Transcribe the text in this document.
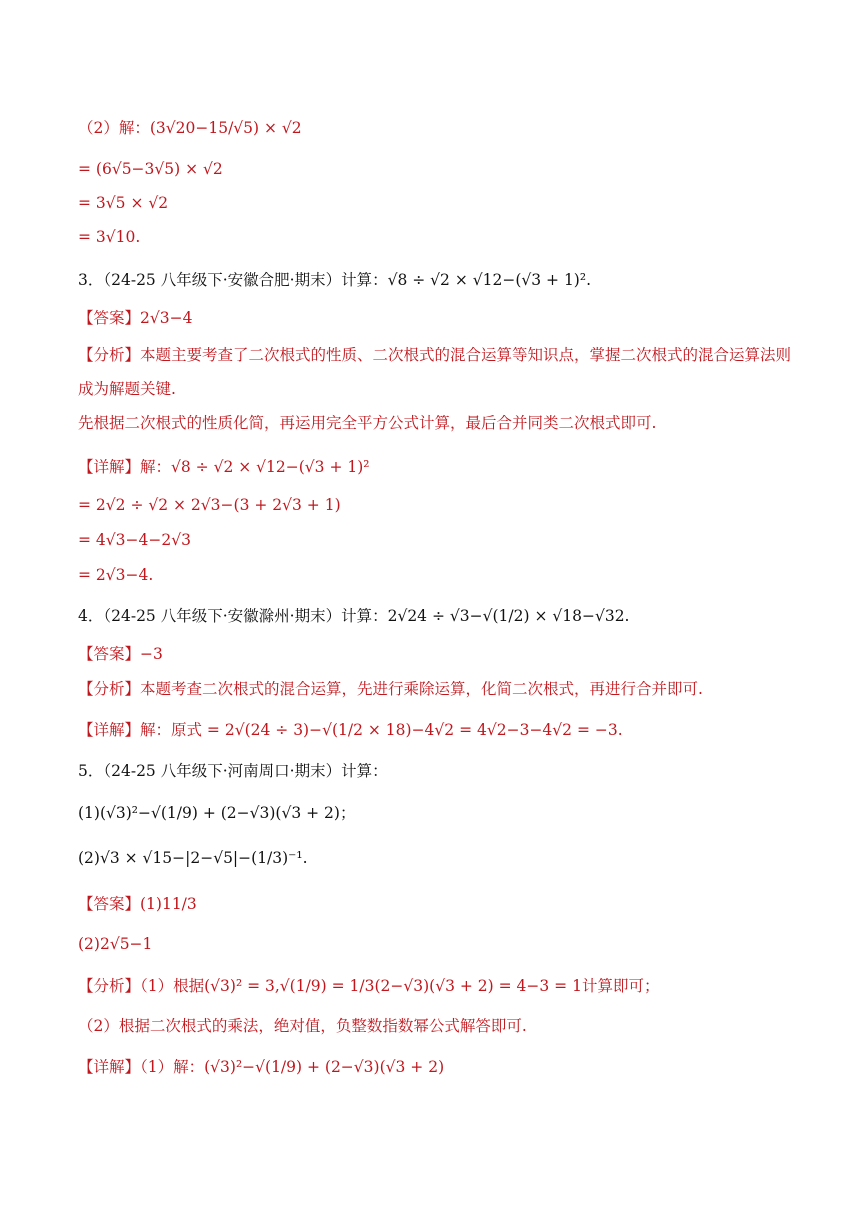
（2）解：(3√20−15/√5) × √2
= (6√5−3√5) × √2
= 3√5 × √2
= 3√10.
3．（24-25 八年级下·安徽合肥·期末）计算：√8 ÷ √2 × √12−(√3 + 1)².
【答案】2√3−4
【分析】本题主要考查了二次根式的性质、二次根式的混合运算等知识点，掌握二次根式的混合运算法则
成为解题关键.
先根据二次根式的性质化简，再运用完全平方公式计算，最后合并同类二次根式即可.
【详解】解：√8 ÷ √2 × √12−(√3 + 1)²
= 2√2 ÷ √2 × 2√3−(3 + 2√3 + 1)
= 4√3−4−2√3
= 2√3−4.
4．（24-25 八年级下·安徽滁州·期末）计算：2√24 ÷ √3−√(1/2) × √18−√32.
【答案】−3
【分析】本题考查二次根式的混合运算，先进行乘除运算，化简二次根式，再进行合并即可.
【详解】解：原式 = 2√(24 ÷ 3)−√(1/2 × 18)−4√2 = 4√2−3−4√2 = −3.
5．（24-25 八年级下·河南周口·期末）计算：
(1)(√3)²−√(1/9) + (2−√3)(√3 + 2)；
(2)√3 × √15−|2−√5|−(1/3)⁻¹.
【答案】(1)11/3
(2)2√5−1
【分析】（1）根据(√3)² = 3,√(1/9) = 1/3(2−√3)(√3 + 2) = 4−3 = 1计算即可；
（2）根据二次根式的乘法，绝对值，负整数指数幂公式解答即可.
【详解】（1）解：(√3)²−√(1/9) + (2−√3)(√3 + 2)
